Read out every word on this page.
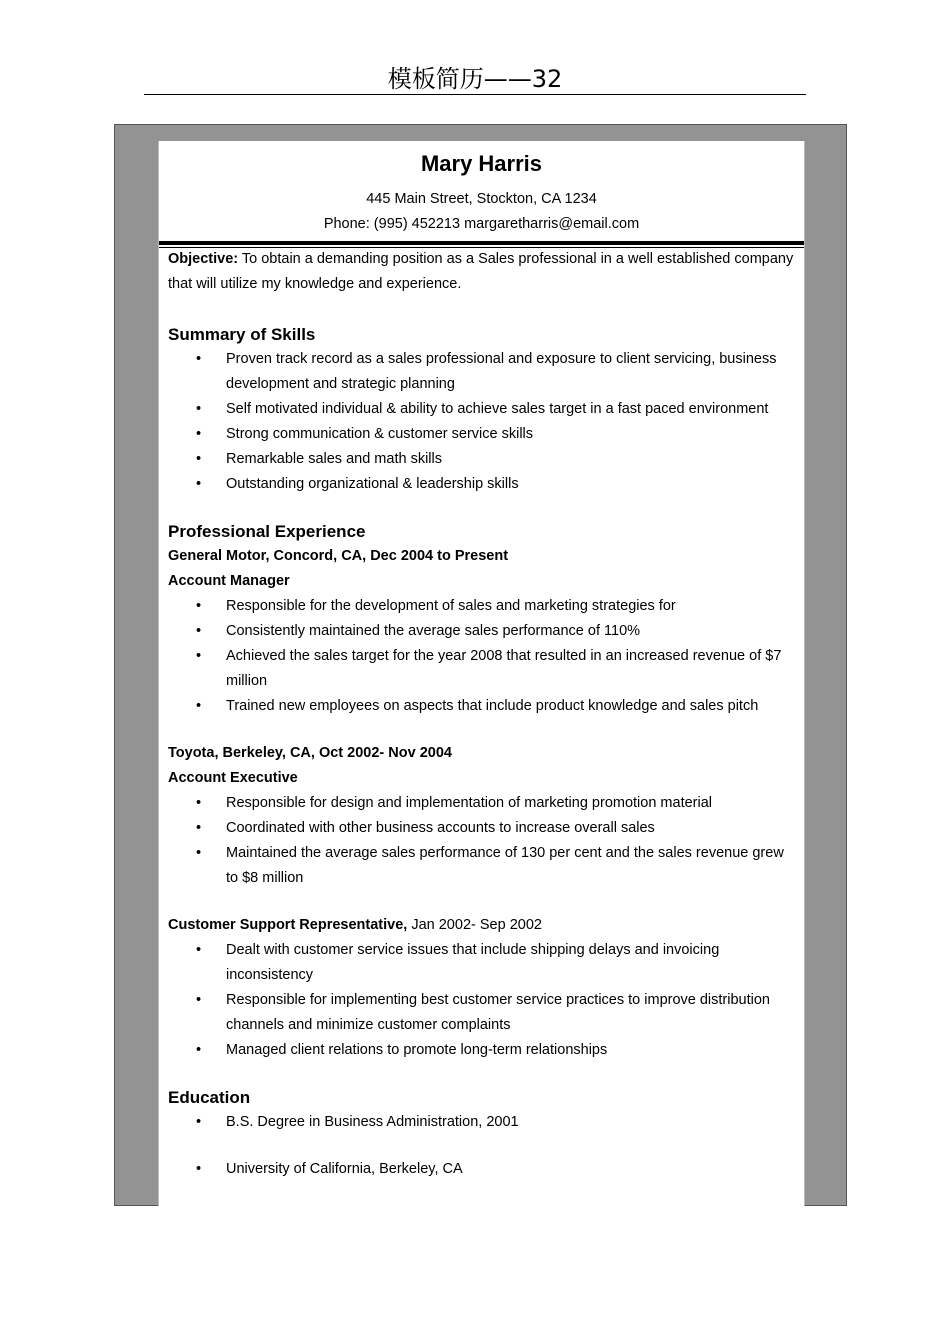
模板简历——32
Mary Harris
445 Main Street, Stockton, CA 1234
Phone: (995) 452213 margaretharris@email.com

Objective: To obtain a demanding position as a Sales professional in a well established company that will utilize my knowledge and experience.

Summary of Skills
• Proven track record as a sales professional and exposure to client servicing, business development and strategic planning
• Self motivated individual & ability to achieve sales target in a fast paced environment
• Strong communication & customer service skills
• Remarkable sales and math skills
• Outstanding organizational & leadership skills
Professional Experience
General Motor, Concord, CA, Dec 2004 to Present
Account Manager
• Responsible for the development of sales and marketing strategies for
• Consistently maintained the average sales performance of 110%
• Achieved the sales target for the year 2008 that resulted in an increased revenue of $7 million
• Trained new employees on aspects that include product knowledge and sales pitch
Toyota, Berkeley, CA, Oct 2002- Nov 2004
Account Executive
• Responsible for design and implementation of marketing promotion material
• Coordinated with other business accounts to increase overall sales
• Maintained the average sales performance of 130 per cent and the sales revenue grew to $8 million
Customer Support Representative, Jan 2002- Sep 2002
• Dealt with customer service issues that include shipping delays and invoicing inconsistency
• Responsible for implementing best customer service practices to improve distribution channels and minimize customer complaints
• Managed client relations to promote long-term relationships
Education
• B.S. Degree in Business Administration, 2001
• University of California, Berkeley, CA
